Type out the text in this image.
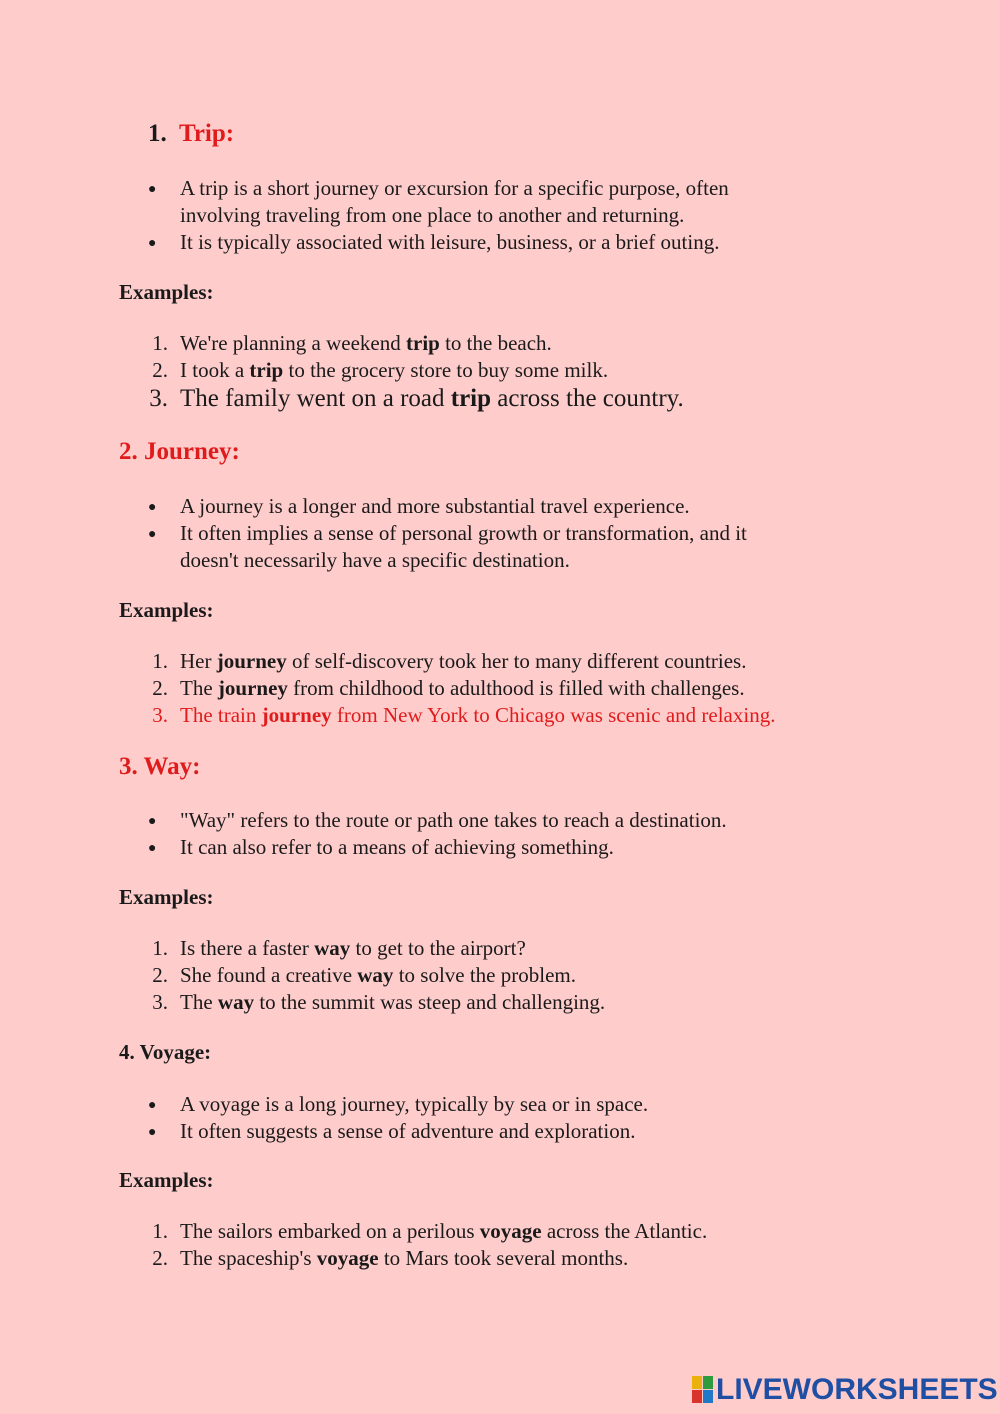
1. Trip:
● A trip is a short journey or excursion for a specific purpose, often
involving traveling from one place to another and returning.
● It is typically associated with leisure, business, or a brief outing.
Examples:
1. We're planning a weekend trip to the beach.
2. I took a trip to the grocery store to buy some milk.
3. The family went on a road trip across the country.
2. Journey:
● A journey is a longer and more substantial travel experience.
● It often implies a sense of personal growth or transformation, and it
doesn't necessarily have a specific destination.
Examples:
1. Her journey of self-discovery took her to many different countries.
2. The journey from childhood to adulthood is filled with challenges.
3. The train journey from New York to Chicago was scenic and relaxing.
3. Way:
● "Way" refers to the route or path one takes to reach a destination.
● It can also refer to a means of achieving something.
Examples:
1. Is there a faster way to get to the airport?
2. She found a creative way to solve the problem.
3. The way to the summit was steep and challenging.
4. Voyage:
● A voyage is a long journey, typically by sea or in space.
● It often suggests a sense of adventure and exploration.
Examples:
1. The sailors embarked on a perilous voyage across the Atlantic.
2. The spaceship's voyage to Mars took several months.
LIVEWORKSHEETS
